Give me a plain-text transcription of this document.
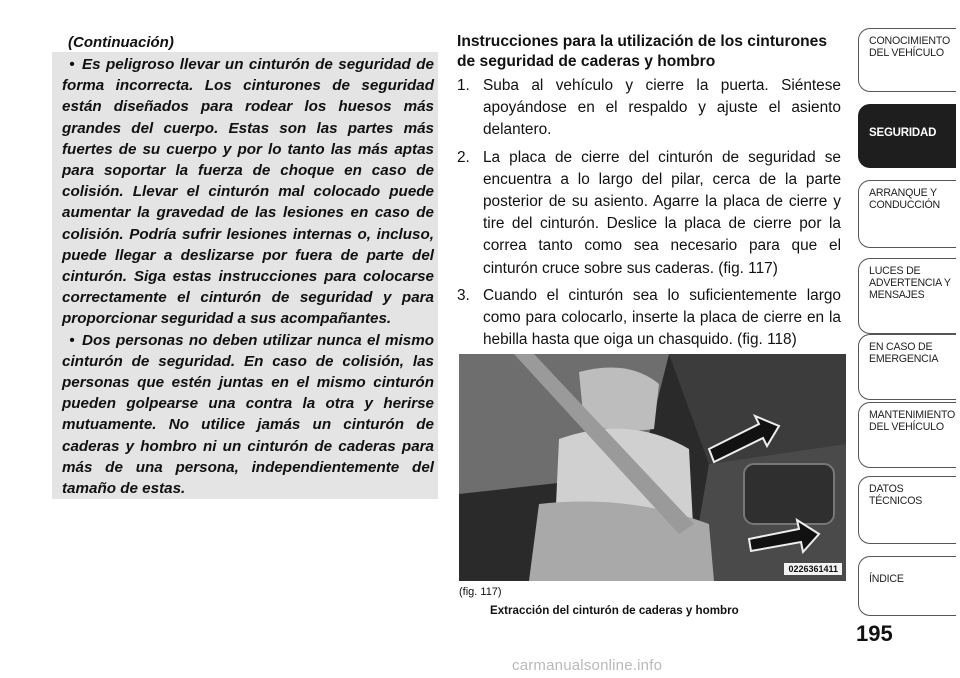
(Continuación)

• Es peligroso llevar un cinturón de seguridad de forma incorrecta. Los cinturones de seguridad están diseñados para rodear los huesos más grandes del cuerpo. Estas son las partes más fuertes de su cuerpo y por lo tanto las más aptas para soportar la fuerza de choque en caso de colisión. Llevar el cinturón mal colocado puede aumentar la gravedad de las lesiones en caso de colisión. Podría sufrir lesiones internas o, incluso, puede llegar a deslizarse por fuera de parte del cinturón. Siga estas instrucciones para colocarse correctamente el cinturón de seguridad y para proporcionar seguridad a sus acompañantes.

• Dos personas no deben utilizar nunca el mismo cinturón de seguridad. En caso de colisión, las personas que estén juntas en el mismo cinturón pueden golpearse una contra la otra y herirse mutuamente. No utilice jamás un cinturón de caderas y hombro ni un cinturón de caderas para más de una persona, independientemente del tamaño de estas.

Instrucciones para la utilización de los cinturones de seguridad de caderas y hombro
1. Suba al vehículo y cierre la puerta. Siéntese apoyándose en el respaldo y ajuste el asiento delantero.
2. La placa de cierre del cinturón de seguridad se encuentra a lo largo del pilar, cerca de la parte posterior de su asiento. Agarre la placa de cierre y tire del cinturón. Deslice la placa de cierre por la correa tanto como sea necesario para que el cinturón cruce sobre sus caderas. (fig. 117)
3. Cuando el cinturón sea lo suficientemente largo como para colocarlo, inserte la placa de cierre en la hebilla hasta que oiga un chasquido. (fig. 118)
0226361411
(fig. 117)
Extracción del cinturón de caderas y hombro
CONOCIMIENTO
DEL VEHÍCULO
SEGURIDAD
ARRANQUE Y
CONDUCCIÓN
LUCES DE
ADVERTENCIA Y
MENSAJES
EN CASO DE
EMERGENCIA
MANTENIMIENTO
DEL VEHÍCULO
DATOS
TÉCNICOS
ÍNDICE
195
carmanualsonline.info
